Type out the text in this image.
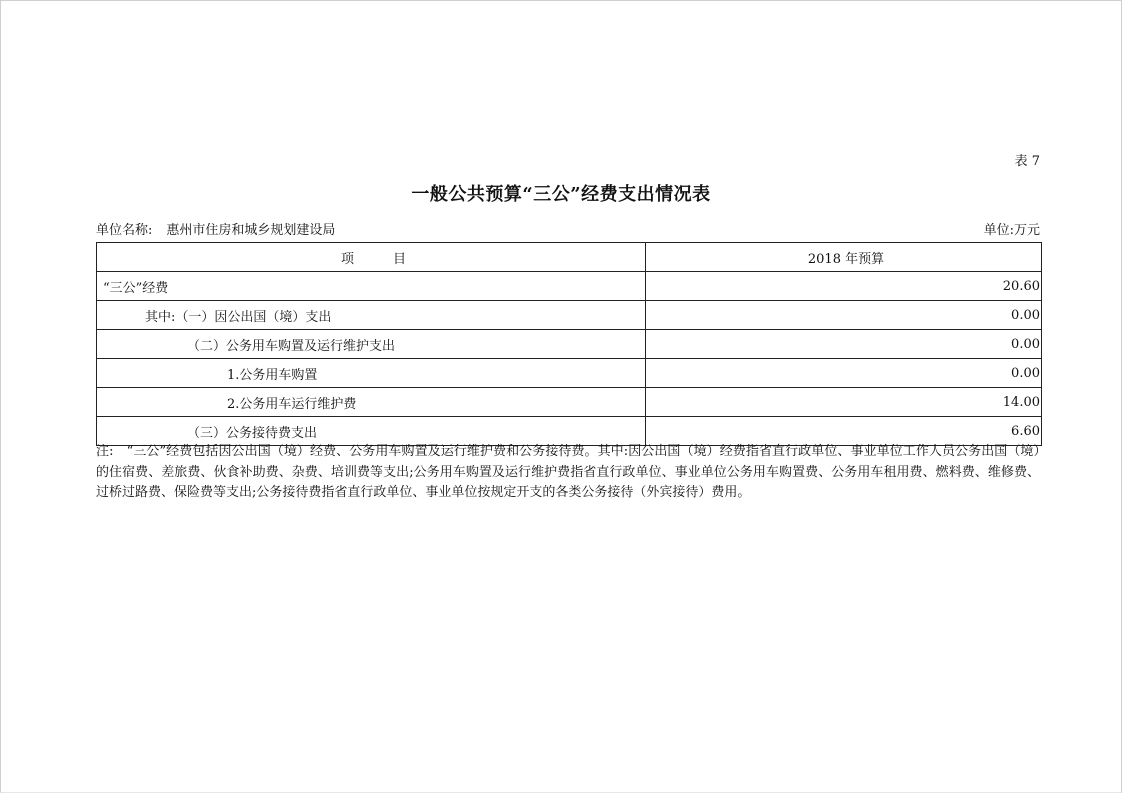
表 7
一般公共预算“三公”经费支出情况表
单位名称: 惠州市住房和城乡规划建设局	单位:万元
项　　　目	2018 年预算
“三公”经费	20.60
其中:（一）因公出国（境）支出	0.00
（二）公务用车购置及运行维护支出	0.00
1.公务用车购置	0.00
2.公务用车运行维护费	14.00
（三）公务接待费支出	6.60
注:　“三公”经费包括因公出国（境）经费、公务用车购置及运行维护费和公务接待费。其中:因公出国（境）经费指省直行政单位、事业单位工作人员公务出国（境）的住宿费、差旅费、伙食补助费、杂费、培训费等支出;公务用车购置及运行维护费指省直行政单位、事业单位公务用车购置费、公务用车租用费、燃料费、维修费、过桥过路费、保险费等支出;公务接待费指省直行政单位、事业单位按规定开支的各类公务接待（外宾接待）费用。
